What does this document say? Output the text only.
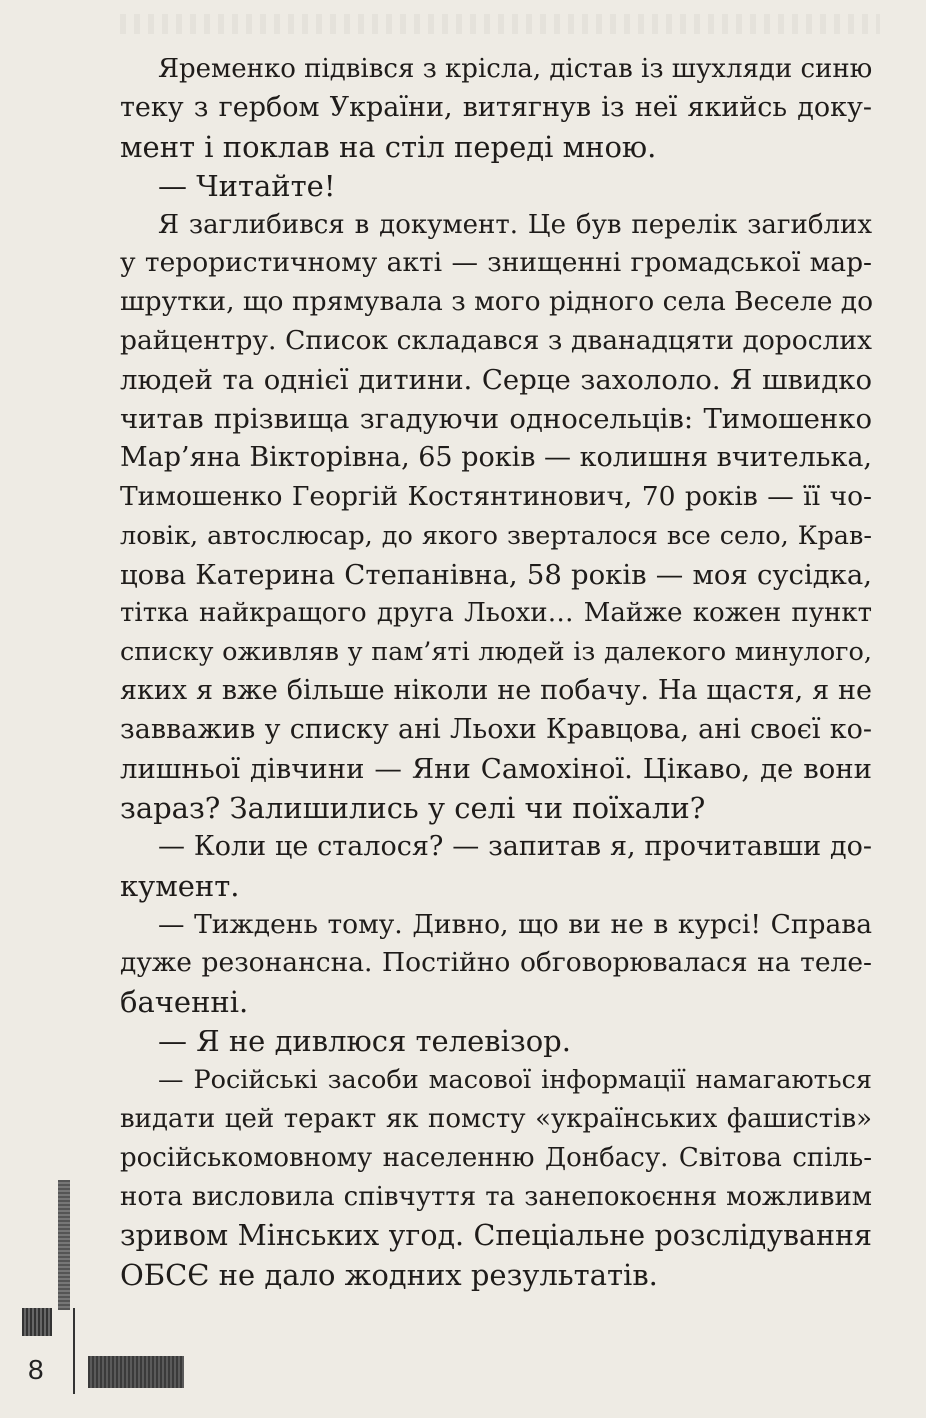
Яременко підвівся з крісла, дістав із шухляди синю
теку з гербом України, витягнув із неї якийсь доку-
мент і поклав на стіл переді мною.
— Читайте!
Я заглибився в документ. Це був перелік загиблих
у терористичному акті — знищенні громадської мар-
шрутки, що прямувала з мого рідного села Веселе до
райцентру. Список складався з дванадцяти дорослих
людей та однієї дитини. Серце захололо. Я швидко
читав прізвища згадуючи односельців: Тимошенко
Мар’яна Вікторівна, 65 років — колишня вчителька,
Тимошенко Георгій Костянтинович, 70 років — її чо-
ловік, автослюсар, до якого зверталося все село, Крав-
цова Катерина Степанівна, 58 років — моя сусідка,
тітка найкращого друга Льохи… Майже кожен пункт
списку оживляв у пам’яті людей із далекого минулого,
яких я вже більше ніколи не побачу. На щастя, я не
завважив у списку ані Льохи Кравцова, ані своєї ко-
лишньої дівчини — Яни Самохіної. Цікаво, де вони
зараз? Залишились у селі чи поїхали?
— Коли це сталося? — запитав я, прочитавши до-
кумент.
— Тиждень тому. Дивно, що ви не в курсі! Справа
дуже резонансна. Постійно обговорювалася на теле-
баченні.
— Я не дивлюся телевізор.
— Російські засоби масової інформації намагаються
видати цей теракт як помсту «українських фашистів»
російськомовному населенню Донбасу. Світова спіль-
нота висловила співчуття та занепокоєння можливим
зривом Мінських угод. Спеціальне розслідування
ОБСЄ не дало жодних результатів.
8
